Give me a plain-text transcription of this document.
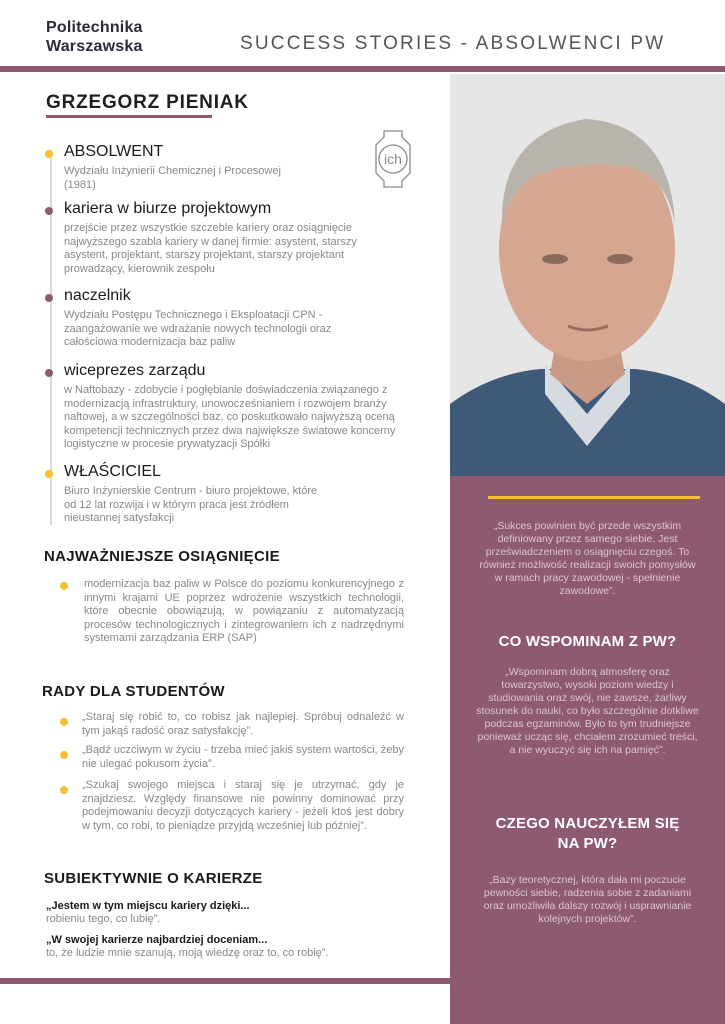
Politechnika
Warszawska	SUCCESS STORIES - ABSOLWENCI PW
GRZEGORZ PIENIAK
ich
ABSOLWENT
Wydziału Inżynierii Chemicznej i Procesowej (1981)
kariera w biurze projektowym
przejście przez wszystkie szczeble kariery oraz osiągnięcie najwyższego szabla kariery w danej firmie: asystent, starszy asystent, projektant, starszy projektant, starszy projektant prowadzący, kierownik zespołu
naczelnik
Wydziału Postępu Technicznego i Eksploatacji CPN - zaangażowanie we wdrażanie nowych technologii oraz całościowa modernizacja baz paliw
wiceprezes zarządu
w Naftobazy - zdobycie i pogłębianie doświadczenia związanego z modernizacją infrastruktury, unowocześnianiem i rozwojem branży naftowej, a w szczególności baz, co poskutkowało najwyższą oceną kompetencji technicznych przez dwa największe światowe koncerny logistyczne w procesie prywatyzacji Spółki
WŁAŚCICIEL
Biuro Inżynierskie Centrum - biuro projektowe, które od 12 lat rozwija i w którym praca jest źródłem nieustannej satysfakcji
NAJWAŻNIEJSZE OSIĄGNIĘCIE
modernizacja baz paliw w Polsce do poziomu konkurencyjnego z innymi krajami UE poprzez wdrożenie wszystkich technologii, które obecnie obowiązują, w powiązaniu z automatyzacją procesów technologicznych i zintegrowaniem ich z nadrzędnymi systemami zarządzania ERP (SAP)
RADY DLA STUDENTÓW
„Staraj się robić to, co robisz jak najlepiej. Spróbuj odnaleźć w tym jakąś radość oraz satysfakcję”.
„Bądź uczciwym w życiu - trzeba mieć jakiś system wartości, żeby nie ulegać pokusom życia”.
„Szukaj swojego miejsca i staraj się je utrzymać, gdy je znajdziesz. Względy finansowe nie powinny dominować przy podejmowaniu decyzji dotyczących kariery - jeżeli ktoś jest dobry w tym, co robi, to pieniądze przyjdą wcześniej lub później”.
SUBIEKTYWNIE O KARIERZE
„Jestem w tym miejscu kariery dzięki...
robieniu tego, co lubię”.
„W swojej karierze najbardziej doceniam...
to, że ludzie mnie szanują, moją wiedzę oraz to, co robię”.
„Sukces powinien być przede wszystkim definiowany przez samego siebie. Jest przeświadczeniem o osiągnięciu czegoś. To również możliwość realizacji swoich pomysłów w ramach pracy zawodowej - spełnienie zawodowe”.
CO WSPOMINAM Z PW?
„Wspominam dobrą atmosferę oraz towarzystwo, wysoki poziom wiedzy i studiowania oraz swój, nie zawsze, żarliwy stosunek do nauki, co było szczególnie dotkliwe podczas egzaminów. Było to tym trudniejsze ponieważ ucząc się, chciałem zrozumieć treści, a nie wyuczyć się ich na pamięć”.
CZEGO NAUCZYŁEM SIĘ NA PW?
„Bazy teoretycznej, która dała mi poczucie pewności siebie, radzenia sobie z zadaniami oraz umożliwiła dalszy rozwój i usprawnianie kolejnych projektów”.
